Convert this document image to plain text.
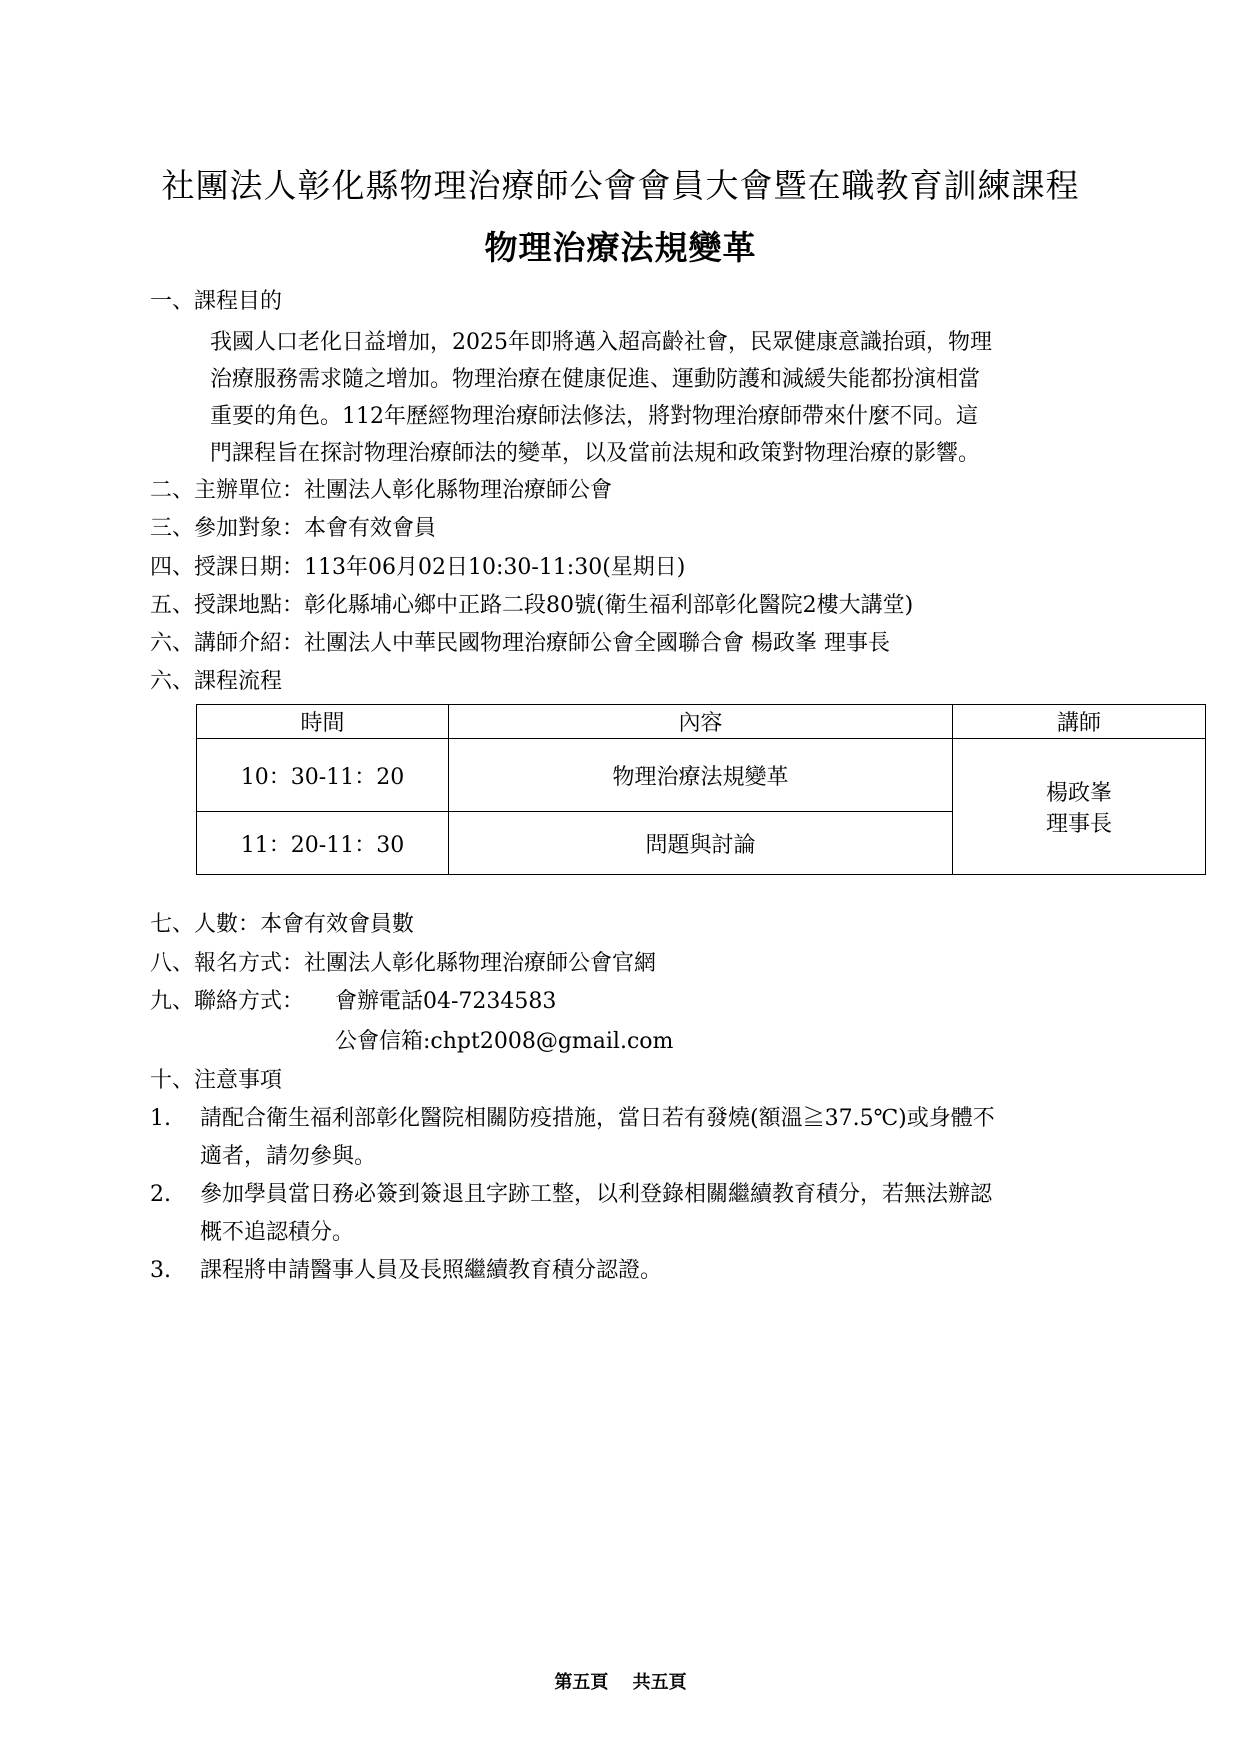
社團法人彰化縣物理治療師公會會員大會暨在職教育訓練課程
物理治療法規變革
一、課程目的
我國人口老化日益增加，2025年即將邁入超高齡社會，民眾健康意識抬頭，物理
治療服務需求隨之增加。物理治療在健康促進、運動防護和減緩失能都扮演相當
重要的角色。112年歷經物理治療師法修法，將對物理治療師帶來什麼不同。這
門課程旨在探討物理治療師法的變革，以及當前法規和政策對物理治療的影響。
二、主辦單位：社團法人彰化縣物理治療師公會
三、參加對象：本會有效會員
四、授課日期：113年06月02日10:30-11:30(星期日)
五、授課地點：彰化縣埔心鄉中正路二段80號(衛生福利部彰化醫院2樓大講堂)
六、講師介紹：社團法人中華民國物理治療師公會全國聯合會 楊政峯 理事長
六、課程流程
時間	內容	講師
10：30-11：20	物理治療法規變革	楊政峯
理事長

11：20-11：30	問題與討論	
七、人數：本會有效會員數
八、報名方式：社團法人彰化縣物理治療師公會官網
九、聯絡方式： 會辦電話04-7234583
公會信箱:chpt2008@gmail.com
十、注意事項
1. 請配合衛生福利部彰化醫院相關防疫措施，當日若有發燒(額溫≧37.5℃)或身體不
適者，請勿參與。
2. 參加學員當日務必簽到簽退且字跡工整，以利登錄相關繼續教育積分，若無法辦認
概不追認積分。
3. 課程將申請醫事人員及長照繼續教育積分認證。
第五頁　 共五頁
